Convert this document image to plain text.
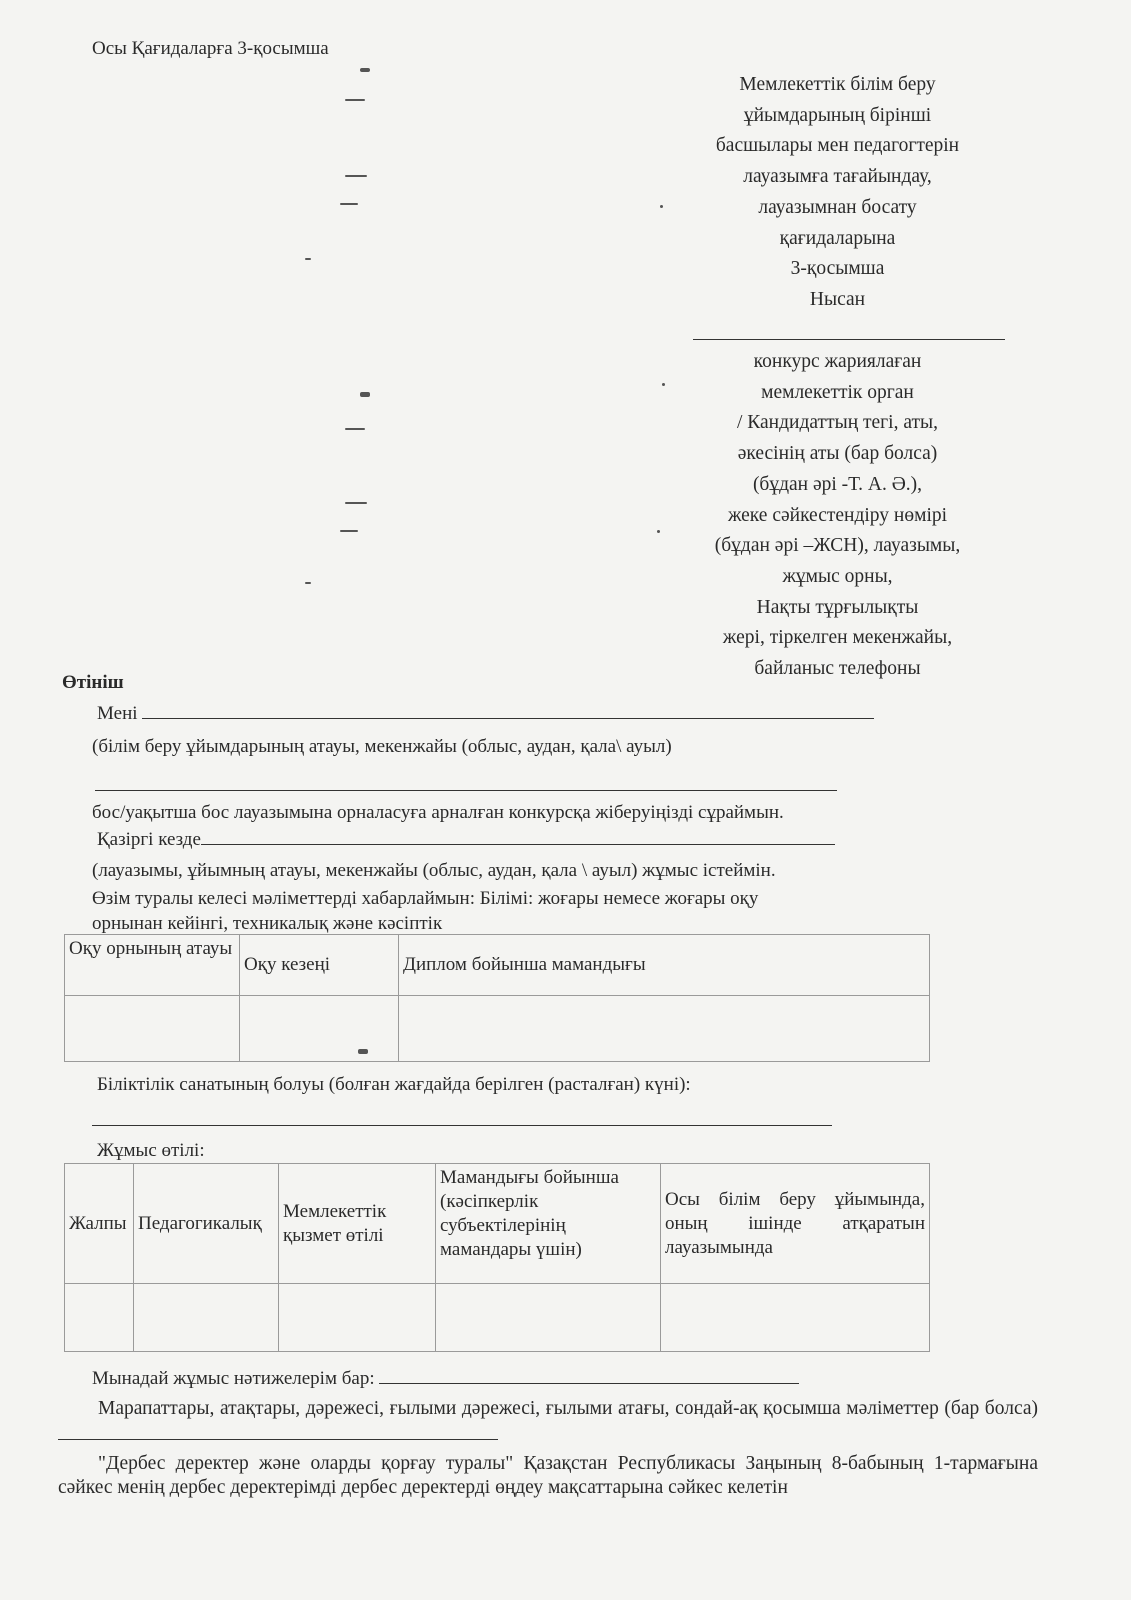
Осы Қағидаларға 3-қосымша
Мемлекеттік білім беру
ұйымдарының бірінші
басшылары мен педагогтерін
лауазымға тағайындау,
лауазымнан босату
қағидаларына
3-қосымша
Нысан
конкурс жариялаған
мемлекеттік орган
/ Кандидаттың тегі, аты,
әкесінің аты (бар болса)
(бұдан әрі -Т. А. Ә.),
жеке сәйкестендіру нөмірі
(бұдан әрі –ЖСН), лауазымы,
жұмыс орны,
Нақты тұрғылықты
жері, тіркелген мекенжайы,
байланыс телефоны
Өтініш
Мені
(білім беру ұйымдарының атауы, мекенжайы (облыс, аудан, қала\ ауыл)
бос/уақытша бос лауазымына орналасуға арналған конкурсқа жіберуіңізді сұраймын.
Қазіргі кезде
(лауазымы, ұйымның атауы, мекенжайы (облыс, аудан, қала \ ауыл) жұмыс істеймін.
Өзім туралы келесі мәліметтерді хабарлаймын: Білімі: жоғары немесе жоғары оқу
орнынан кейінгі, техникалық және кәсіптік
Оқу орнының атауы	Оқу кезеңі	Диплом бойынша мамандығы

Біліктілік санатының болуы (болған жағдайда берілген (расталған) күні):
Жұмыс өтілі:
Жалпы	Педагогикалық	Мемлекеттік қызмет өтілі	Мамандығы бойынша (кәсіпкерлік субъектілерінің мамандары үшін)	Осы білім беру ұйымында, оның ішінде атқаратын лауазымында

Мынадай жұмыс нәтижелерім бар:
Марапаттары, атақтары, дәрежесі, ғылыми дәрежесі, ғылыми атағы, сондай-ақ қосымша мәліметтер (бар болса)
"Дербес деректер және оларды қорғау туралы" Қазақстан Республикасы Заңының 8-бабының 1-тармағына сәйкес менің дербес деректерімді дербес деректерді өңдеу мақсаттарына сәйкес келетін
